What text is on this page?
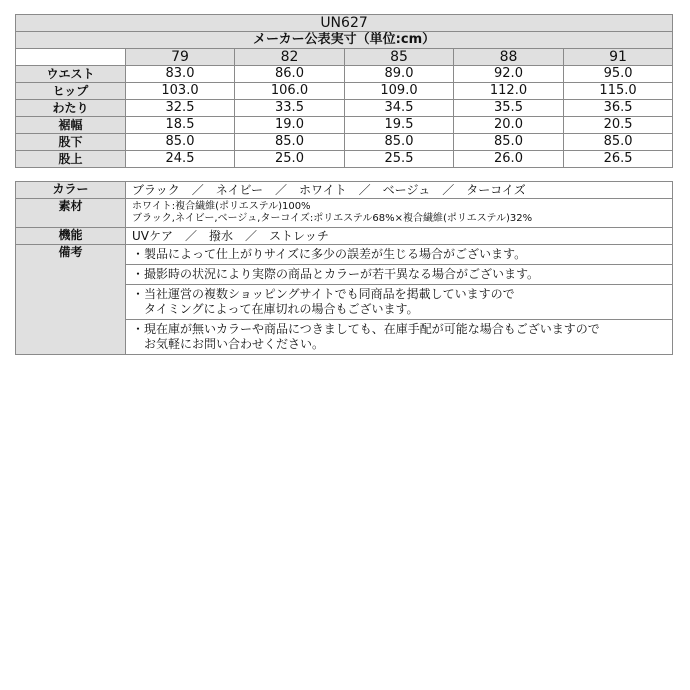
UN627					
メーカー公表実寸（単位:cm）					
	79	82	85	88	91
ウエスト	83.0	86.0	89.0	92.0	95.0
ヒップ	103.0	106.0	109.0	112.0	115.0
わたり	32.5	33.5	34.5	35.5	36.5
裾幅	18.5	19.0	19.5	20.0	20.5
股下	85.0	85.0	85.0	85.0	85.0
股上	24.5	25.0	25.5	26.0	26.5
カラー	ブラック　／　ネイビー　／　ホワイト　／　ベージュ　／　ターコイズ
素材	ホワイト:複合繊維(ポリエステル)100%
ブラック,ネイビー,ベージュ,ターコイズ:ポリエステル68%×複合繊維(ポリエステル)32%

機能	UVケア　／　撥水　／　ストレッチ
備考	・製品によって仕上がりサイズに多少の誤差が生じる場合がございます。

	・撮影時の状況により実際の商品とカラーが若干異なる場合がございます。

	・当社運営の複数ショッピングサイトでも同商品を掲載していますので
タイミングによって在庫切れの場合もございます。

	・現在庫が無いカラーや商品につきましても、在庫手配が可能な場合もございますので
お気軽にお問い合わせください。
